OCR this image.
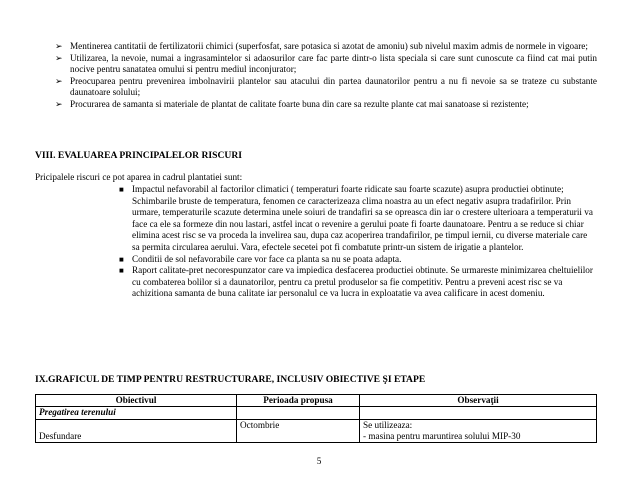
➢ Mentinerea cantitatii de fertilizatorii chimici (superfosfat, sare potasica si azotat de amoniu) sub nivelul maxim admis de normele in vigoare;
➢ Utilizarea, la nevoie, numai a ingrasamintelor si adaosurilor care fac parte dintr-o lista speciala si care sunt cunoscute ca fiind cat mai putin nocive pentru sanatatea omului si pentru mediul inconjurator;
➢ Preocuparea pentru prevenirea imbolnavirii plantelor sau atacului din partea daunatorilor pentru a nu fi nevoie sa se trateze cu substante daunatoare solului;
➢ Procurarea de samanta si materiale de plantat de calitate foarte buna din care sa rezulte plante cat mai sanatoase si rezistente;
VIII. EVALUAREA PRINCIPALELOR RISCURI
Pricipalele riscuri ce pot aparea in cadrul plantatiei sunt:
■ Impactul nefavorabil al factorilor climatici ( temperaturi foarte ridicate sau foarte scazute) asupra productiei obtinute; Schimbarile bruste de temperatura, fenomen ce caracterizeaza clima noastra au un efect negativ asupra tradafirilor. Prin urmare, temperaturile scazute determina unele soiuri de trandafiri sa se opreasca din iar o crestere ulterioara a temperaturii va face ca ele sa formeze din nou lastari, astfel incat o revenire a gerului poate fi foarte daunatoare. Pentru a se reduce si chiar elimina acest risc se va proceda la invelirea sau, dupa caz acoperirea trandafirilor, pe timpul iernii, cu diverse materiale care sa permita circularea aerului. Vara, efectele secetei pot fi combatute printr-un sistem de irigatie a plantelor.
■ Conditii de sol nefavorabile care vor face ca planta sa nu se poata adapta.
■ Raport calitate-pret necorespunzator care va impiedica desfacerea productiei obtinute. Se urmareste minimizarea cheltuielilor cu combaterea bolilor si a daunatorilor, pentru ca pretul produselor sa fie competitiv. Pentru a preveni acest risc se va achizitiona samanta de buna calitate iar personalul ce va lucra in exploatatie va avea calificare in acest domeniu.
IX.GRAFICUL DE TIMP PENTRU RESTRUCTURARE, INCLUSIV OBIECTIVE ŞI ETAPE
Obiectivul	Perioada propusa	Observaţii
Pregatirea terenului		
Desfundare	Octombrie	Se utilizeaza:
- masina pentru maruntirea solului MIP-30
5
